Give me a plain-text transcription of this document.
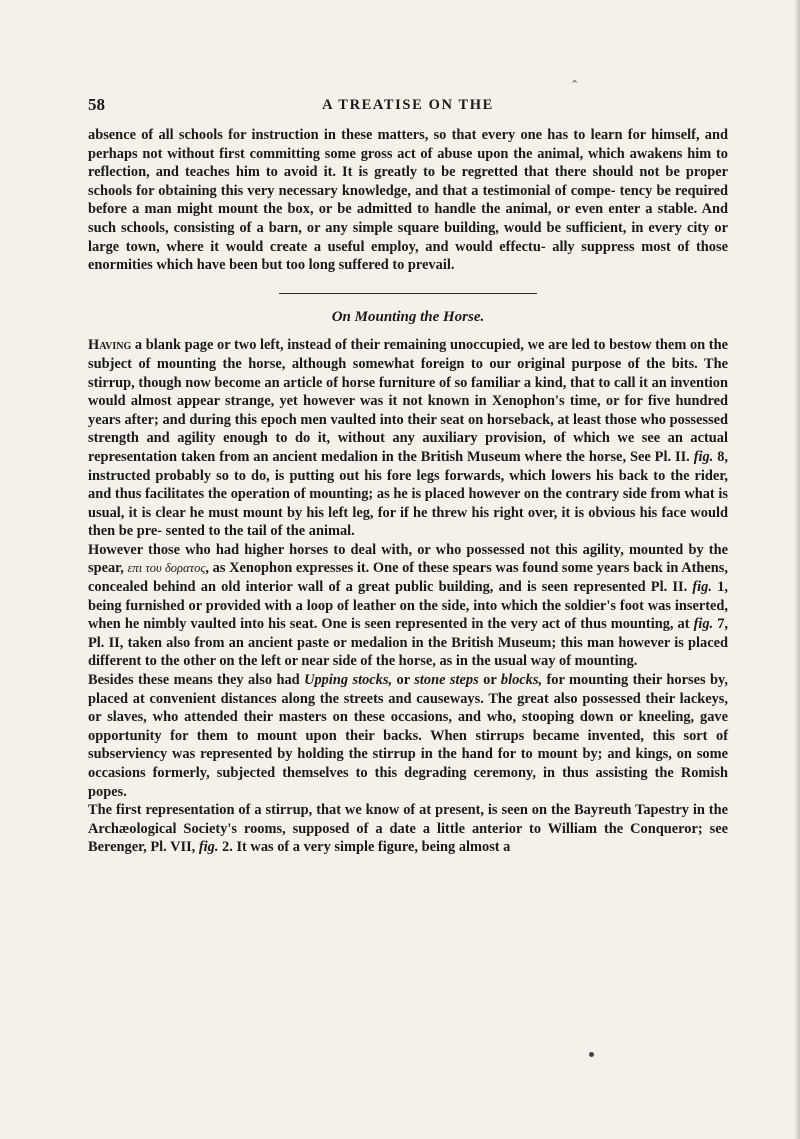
⌃
58	A TREATISE ON THE

absence of all schools for instruction in these matters, so that every one has to learn for himself, and perhaps not without first committing some gross act of abuse upon the animal, which awakens him to reflection, and teaches him to avoid it. It is greatly to be regretted that there should not be proper schools for obtaining this very necessary knowledge, and that a testimonial of compe- tency be required before a man might mount the box, or be admitted to handle the animal, or even enter a stable. And such schools, consisting of a barn, or any simple square building, would be sufficient, in every city or large town, where it would create a useful employ, and would effectu- ally suppress most of those enormities which have been but too long suffered to prevail.

On Mounting the Horse.

Having a blank page or two left, instead of their remaining unoccupied, we are led to bestow them on the subject of mounting the horse, although somewhat foreign to our original purpose of the bits. The stirrup, though now become an article of horse furniture of so familiar a kind, that to call it an invention would almost appear strange, yet however was it not known in Xenophon's time, or for five hundred years after; and during this epoch men vaulted into their seat on horseback, at least those who possessed strength and agility enough to do it, without any auxiliary provision, of which we see an actual representation taken from an ancient medalion in the British Museum where the horse, See Pl. II. fig. 8, instructed probably so to do, is putting out his fore legs forwards, which lowers his back to the rider, and thus facilitates the operation of mounting; as he is placed however on the contrary side from what is usual, it is clear he must mount by his left leg, for if he threw his right over, it is obvious his face would then be pre- sented to the tail of the animal.

However those who had higher horses to deal with, or who possessed not this agility, mounted by the spear, επι του δορατος, as Xenophon expresses it. One of these spears was found some years back in Athens, concealed behind an old interior wall of a great public building, and is seen represented Pl. II. fig. 1, being furnished or provided with a loop of leather on the side, into which the soldier's foot was inserted, when he nimbly vaulted into his seat. One is seen represented in the very act of thus mounting, at fig. 7, Pl. II, taken also from an ancient paste or medalion in the British Museum; this man however is placed different to the other on the left or near side of the horse, as in the usual way of mounting.

Besides these means they also had Upping stocks, or stone steps or blocks, for mounting their horses by, placed at convenient distances along the streets and causeways. The great also possessed their lackeys, or slaves, who attended their masters on these occasions, and who, stooping down or kneeling, gave opportunity for them to mount upon their backs. When stirrups became invented, this sort of subserviency was represented by holding the stirrup in the hand for to mount by; and kings, on some occasions formerly, subjected themselves to this degrading ceremony, in thus assisting the Romish popes.

The first representation of a stirrup, that we know of at present, is seen on the Bayreuth Tapestry in the Archæological Society's rooms, supposed of a date a little anterior to William the Conqueror; see Berenger, Pl. VII, fig. 2. It was of a very simple figure, being almost a
